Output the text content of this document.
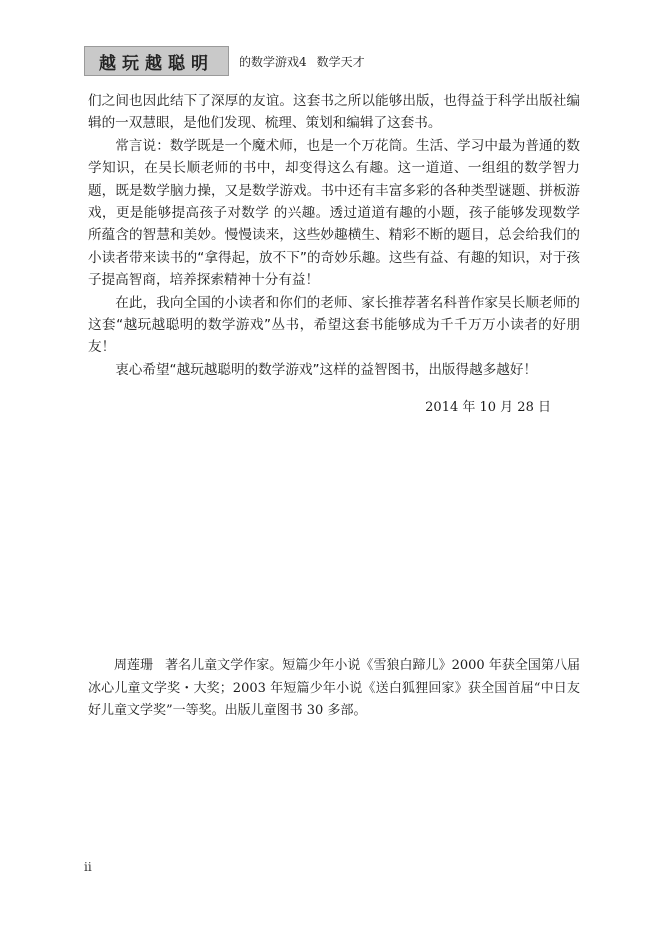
越玩越聪明 的数学游戏4 数学天才

们之间也因此结下了深厚的友谊。这套书之所以能够出版，也得益于科学出版社编辑的一双慧眼，是他们发现、梳理、策划和编辑了这套书。

常言说：数学既是一个魔术师，也是一个万花筒。生活、学习中最为普通的数学知识，在吴长顺老师的书中，却变得这么有趣。这一道道、一组组的数学智力题，既是数学脑力操，又是数学游戏。书中还有丰富多彩的各种类型谜题、拼板游戏，更是能够提高孩子对数学 的兴趣。透过道道有趣的小题，孩子能够发现数学所蕴含的智慧和美妙。慢慢读来，这些妙趣横生、精彩不断的题目，总会给我们的小读者带来读书的“拿得起，放不下”的奇妙乐趣。这些有益、有趣的知识，对于孩子提高智商，培养探索精神十分有益！

在此，我向全国的小读者和你们的老师、家长推荐著名科普作家吴长顺老师的这套“越玩越聪明的数学游戏”丛书，希望这套书能够成为千千万万小读者的好朋友！

衷心希望“越玩越聪明的数学游戏”这样的益智图书，出版得越多越好！

2014 年 10 月 28 日

周莲珊 著名儿童文学作家。短篇少年小说《雪狼白蹄儿》2000 年获全国第八届冰心儿童文学奖・大奖；2003 年短篇少年小说《送白狐狸回家》获全国首届“中日友好儿童文学奖”一等奖。出版儿童图书 30 多部。

ii
